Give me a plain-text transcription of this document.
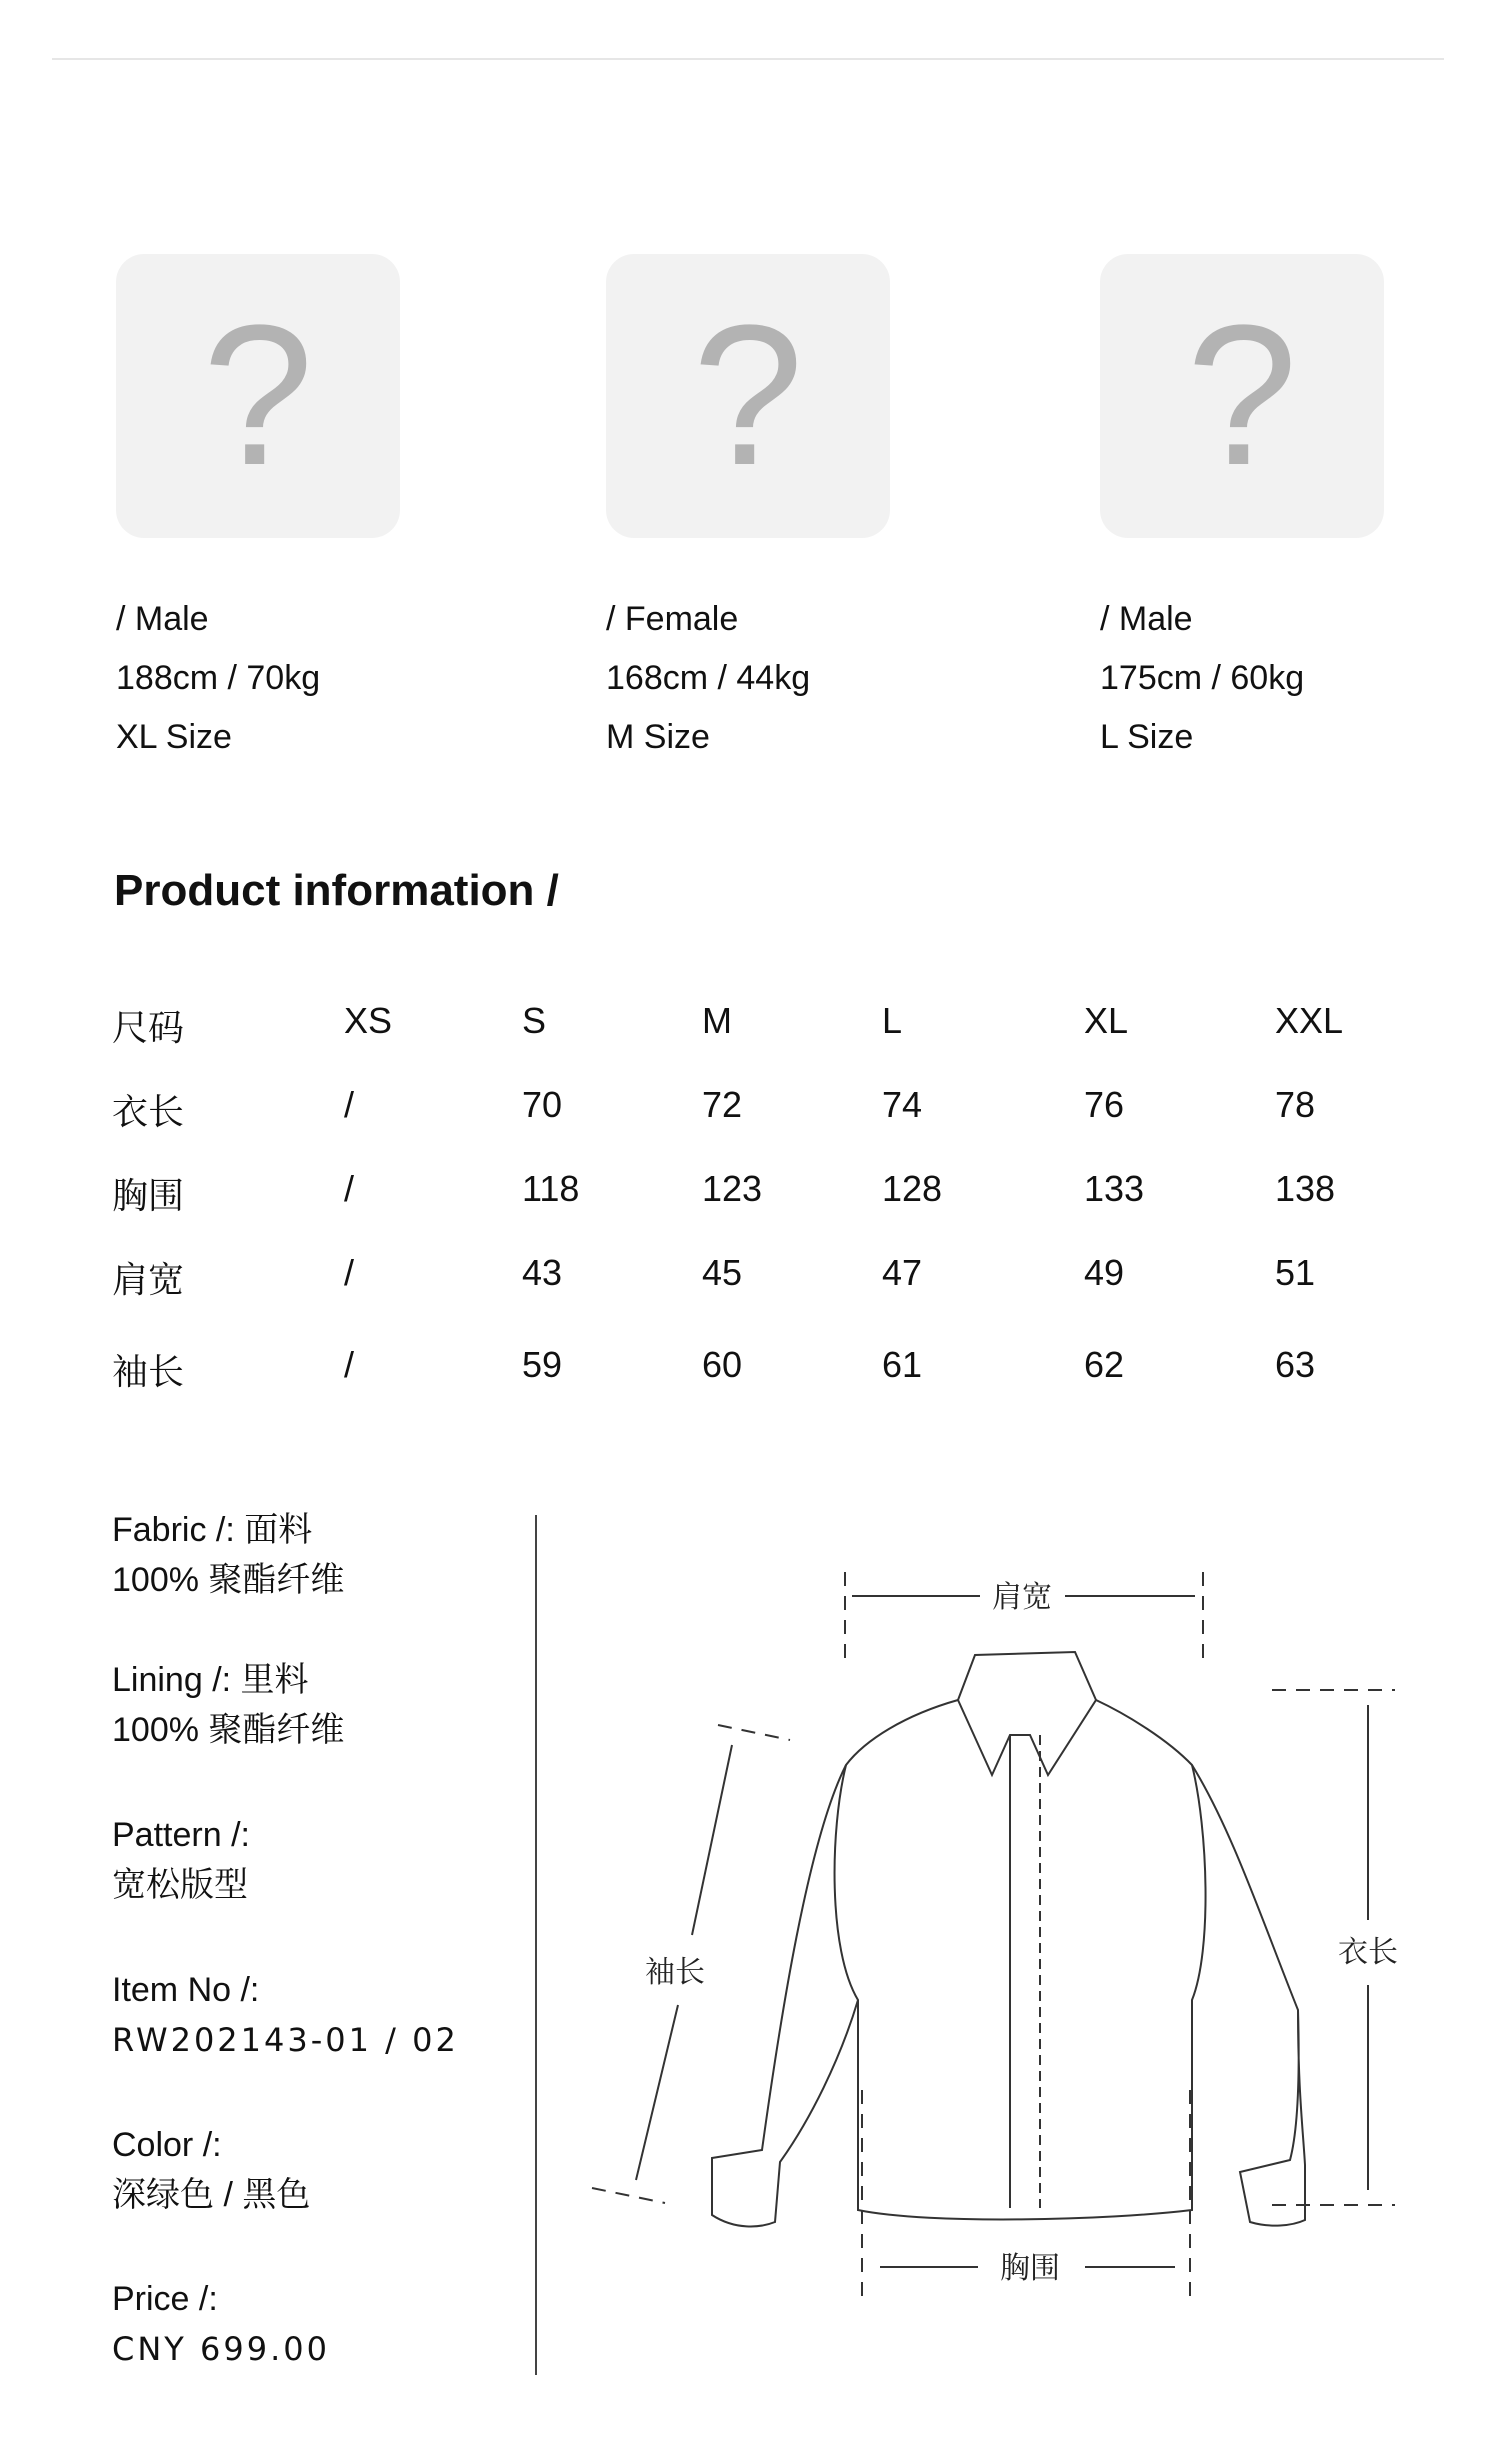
?
/ Male
188cm / 70kg
XL Size
?
/ Female
168cm / 44kg
M Size
?
/ Male
175cm / 60kg
L Size
Product information /
尺码	XS	S	M	L	XL	XXL
衣长	/	70	72	74	76	78
胸围	/	118	123	128	133	138
肩宽	/	43	45	47	49	51
袖长	/	59	60	61	62	63
Fabric /: 面料
100% 聚酯纤维
Lining /: 里料
100% 聚酯纤维
Pattern /:
宽松版型
Item No /:
RW202143-01 / 02
Color /:
深绿色 / 黑色
Price /:
CNY 699.00
肩宽
衣长
袖长
胸围
